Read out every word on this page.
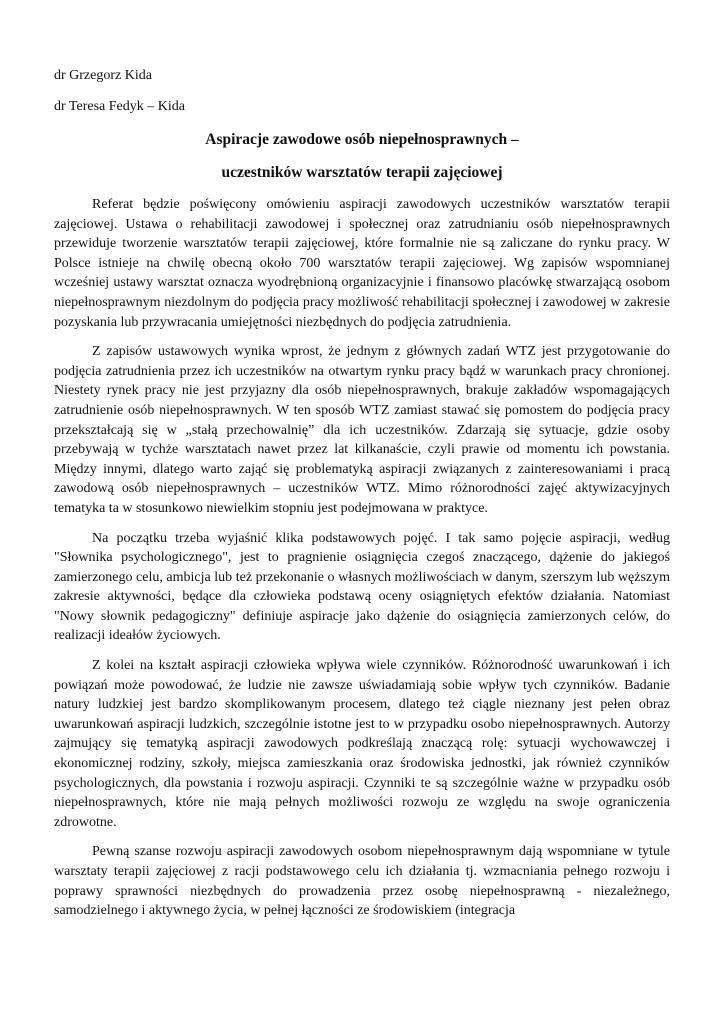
dr Grzegorz Kida

dr Teresa Fedyk – Kida

Aspiracje zawodowe osób niepełnosprawnych –
uczestników warsztatów terapii zajęciowej

Referat będzie poświęcony omówieniu aspiracji zawodowych uczestników warsztatów terapii zajęciowej. Ustawa o rehabilitacji zawodowej i społecznej oraz zatrudnianiu osób niepełnosprawnych przewiduje tworzenie warsztatów terapii zajęciowej, które formalnie nie są zaliczane do rynku pracy. W Polsce istnieje na chwilę obecną około 700 warsztatów terapii zajęciowej. Wg zapisów wspomnianej wcześniej ustawy warsztat oznacza wyodrębnioną organizacyjnie i finansowo placówkę stwarzającą osobom niepełnosprawnym niezdolnym do podjęcia pracy możliwość rehabilitacji społecznej i zawodowej w zakresie pozyskania lub przywracania umiejętności niezbędnych do podjęcia zatrudnienia.

Z zapisów ustawowych wynika wprost, że jednym z głównych zadań WTZ jest przygotowanie do podjęcia zatrudnienia przez ich uczestników na otwartym rynku pracy bądź w warunkach pracy chronionej. Niestety rynek pracy nie jest przyjazny dla osób niepełnosprawnych, brakuje zakładów wspomagających zatrudnienie osób niepełnosprawnych. W ten sposób WTZ zamiast stawać się pomostem do podjęcia pracy przekształcają się w „stałą przechowalnię” dla ich uczestników. Zdarzają się sytuacje, gdzie osoby przebywają w tychże warsztatach nawet przez lat kilkanaście, czyli prawie od momentu ich powstania. Między innymi, dlatego warto zająć się problematyką aspiracji związanych z zainteresowaniami i pracą zawodową osób niepełnosprawnych – uczestników WTZ. Mimo różnorodności zajęć aktywizacyjnych tematyka ta w stosunkowo niewielkim stopniu jest podejmowana w praktyce.

Na początku trzeba wyjaśnić klika podstawowych pojęć. I tak samo pojęcie aspiracji, według "Słownika psychologicznego", jest to pragnienie osiągnięcia czegoś znaczącego, dążenie do jakiegoś zamierzonego celu, ambicja lub też przekonanie o własnych możliwościach w danym, szerszym lub węższym zakresie aktywności, będące dla człowieka podstawą oceny osiągniętych efektów działania. Natomiast "Nowy słownik pedagogiczny" definiuje aspiracje jako dążenie do osiągnięcia zamierzonych celów, do realizacji ideałów życiowych.

Z kolei na kształt aspiracji człowieka wpływa wiele czynników. Różnorodność uwarunkowań i ich powiązań może powodować, że ludzie nie zawsze uświadamiają sobie wpływ tych czynników. Badanie natury ludzkiej jest bardzo skomplikowanym procesem, dlatego też ciągle nieznany jest pełen obraz uwarunkowań aspiracji ludzkich, szczególnie istotne jest to w przypadku osobo niepełnosprawnych. Autorzy zajmujący się tematyką aspiracji zawodowych podkreślają znaczącą rolę: sytuacji wychowawczej i ekonomicznej rodziny, szkoły, miejsca zamieszkania oraz środowiska jednostki, jak również czynników psychologicznych, dla powstania i rozwoju aspiracji. Czynniki te są szczególnie ważne w przypadku osób niepełnosprawnych, które nie mają pełnych możliwości rozwoju ze względu na swoje ograniczenia zdrowotne.

Pewną szanse rozwoju aspiracji zawodowych osobom niepełnosprawnym dają wspomniane w tytule warsztaty terapii zajęciowej z racji podstawowego celu ich działania tj. wzmacniania pełnego rozwoju i poprawy sprawności niezbędnych do prowadzenia przez osobę niepełnosprawną - niezależnego, samodzielnego i aktywnego życia, w pełnej łączności ze środowiskiem (integracja
